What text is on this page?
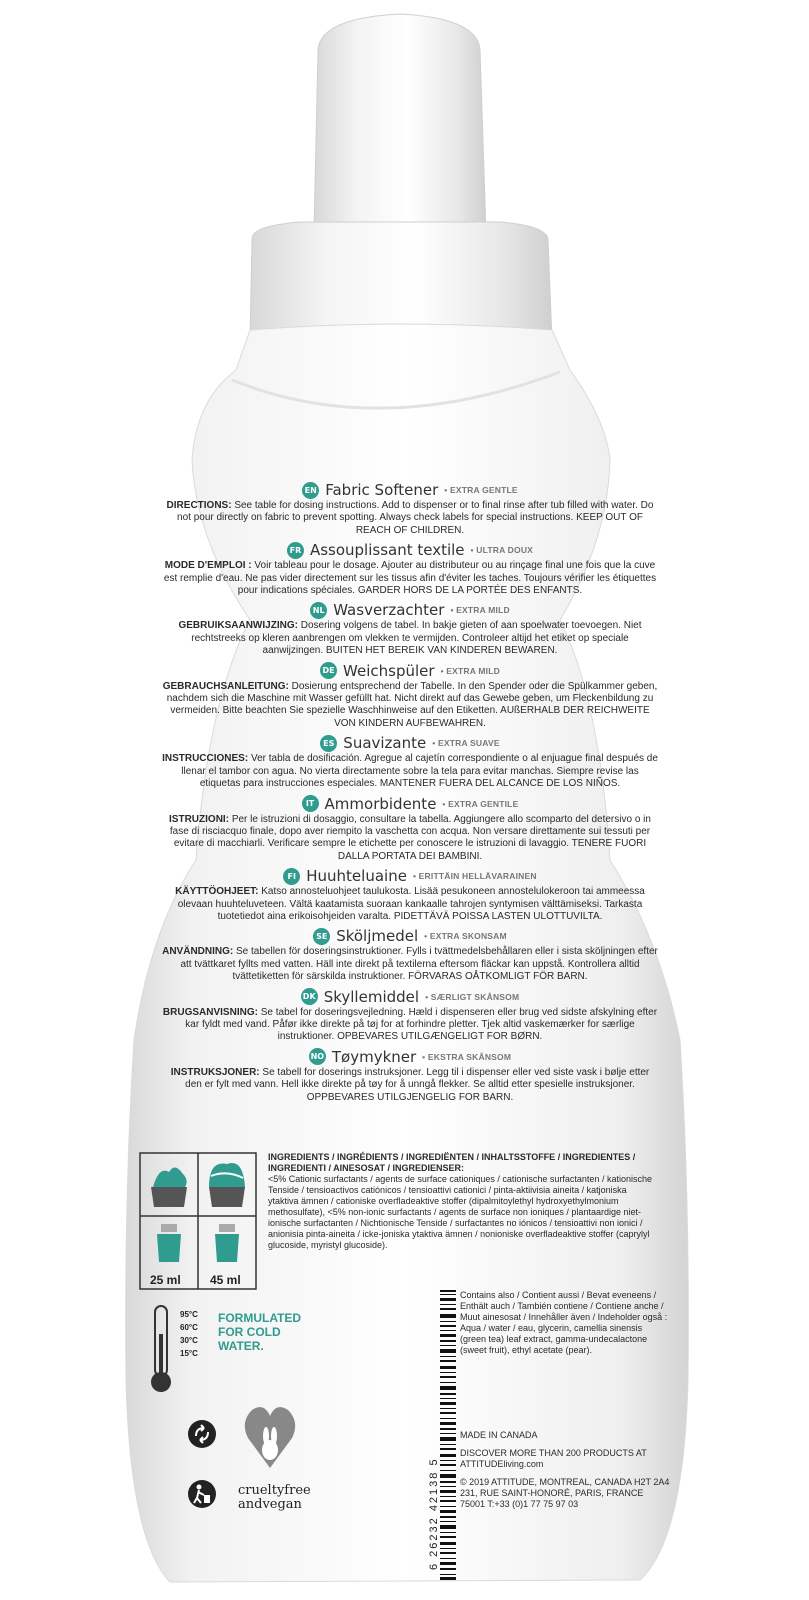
EN Fabric Softener • EXTRA GENTLE
DIRECTIONS: See table for dosing instructions. Add to dispenser or to final rinse after tub filled with water. Do not pour directly on fabric to prevent spotting. Always check labels for special instructions. KEEP OUT OF REACH OF CHILDREN.
FR Assouplissant textile • ULTRA DOUX
MODE D'EMPLOI : Voir tableau pour le dosage. Ajouter au distributeur ou au rinçage final une fois que la cuve est remplie d'eau. Ne pas vider directement sur les tissus afin d'éviter les taches. Toujours vérifier les étiquettes pour indications spéciales. GARDER HORS DE LA PORTÉE DES ENFANTS.
NL Wasverzachter • EXTRA MILD
GEBRUIKSAANWIJZING: Dosering volgens de tabel. In bakje gieten of aan spoelwater toevoegen. Niet rechtstreeks op kleren aanbrengen om vlekken te vermijden. Controleer altijd het etiket op speciale aanwijzingen. BUITEN HET BEREIK VAN KINDEREN BEWAREN.
DE Weichspüler • EXTRA MILD
GEBRAUCHSANLEITUNG: Dosierung entsprechend der Tabelle. In den Spender oder die Spülkammer geben, nachdem sich die Maschine mit Wasser gefüllt hat. Nicht direkt auf das Gewebe geben, um Fleckenbildung zu vermeiden. Bitte beachten Sie spezielle Waschhinweise auf den Etiketten. AUßERHALB DER REICHWEITE VON KINDERN AUFBEWAHREN.
ES Suavizante • EXTRA SUAVE
INSTRUCCIONES: Ver tabla de dosificación. Agregue al cajetín correspondiente o al enjuague final después de llenar el tambor con agua. No vierta directamente sobre la tela para evitar manchas. Siempre revise las etiquetas para instrucciones especiales. MANTENER FUERA DEL ALCANCE DE LOS NIÑOS.
IT Ammorbidente • EXTRA GENTILE
ISTRUZIONI: Per le istruzioni di dosaggio, consultare la tabella. Aggiungere allo scomparto del detersivo o in fase di risciacquo finale, dopo aver riempito la vaschetta con acqua. Non versare direttamente sui tessuti per evitare di macchiarli. Verificare sempre le etichette per conoscere le istruzioni di lavaggio. TENERE FUORI DALLA PORTATA DEI BAMBINI.
FI Huuhteluaine • ERITTÄIN HELLÄVARAINEN
KÄYTTÖOHJEET: Katso annosteluohjeet taulukosta. Lisää pesukoneen annostelulokeroon tai ammeessa olevaan huuhteluveteen. Vältä kaatamista suoraan kankaalle tahrojen syntymisen välttämiseksi. Tarkasta tuotetiedot aina erikoisohjeiden varalta. PIDETTÄVÄ POISSA LASTEN ULOTTUVILTA.
SE Sköljmedel • EXTRA SKONSAM
ANVÄNDNING: Se tabellen för doseringsinstruktioner. Fylls i tvättmedelsbehållaren eller i sista sköljningen efter att tvättkaret fyllts med vatten. Häll inte direkt på textilerna eftersom fläckar kan uppstå. Kontrollera alltid tvättetiketten för särskilda instruktioner. FÖRVARAS OÅTKOMLIGT FÖR BARN.
DK Skyllemiddel • SÆRLIGT SKÅNSOM
BRUGSANVISNING: Se tabel for doseringsvejledning. Hæld i dispenseren eller brug ved sidste afskylning efter kar fyldt med vand. Påfør ikke direkte på tøj for at forhindre pletter. Tjek altid vaskemærker for særlige instruktioner. OPBEVARES UTILGÆNGELIGT FOR BØRN.
NO Tøymykner • EKSTRA SKÅNSOM
INSTRUKSJONER: Se tabell for doserings instruksjoner. Legg til i dispenser eller ved siste vask i bølje etter den er fylt med vann. Hell ikke direkte på tøy for å unngå flekker. Se alltid etter spesielle instruksjoner. OPPBEVARES UTILGJENGELIG FOR BARN.
25 ml 45 ml
INGREDIENTS / INGRÉDIENTS / INGREDIËNTEN / INHALTSSTOFFE / INGREDIENTES / INGREDIENTI / AINESOSAT / INGREDIENSER:
<5% Cationic surfactants / agents de surface cationiques / cationische surfactanten / kationische Tenside / tensioactivos catiónicos / tensioattivi cationici / pinta-aktiivisia aineita / katjoniska ytaktiva ämnen / cationiske overfladeaktive stoffer (dipalmitoylethyl hydroxyethylmonium methosulfate), <5% non-ionic surfactants / agents de surface non ioniques / plantaardige niet-ionische surfactanten / Nichtionische Tenside / surfactantes no iónicos / tensioattivi non ionici / anionisia pinta-aineita / icke-joniska ytaktiva ämnen / nonioniske overfladeaktive stoffer (caprylyl glucoside, myristyl glucoside).
Contains also / Contient aussi / Bevat eveneens / Enthält auch / También contiene / Contiene anche / Muut ainesosat / Innehåller även / Indeholder også : Aqua / water / eau, glycerin, camellia sinensis (green tea) leaf extract, gamma-undecalactone (sweet fruit), ethyl acetate (pear).
6 26232 42138 5

MADE IN CANADA

DISCOVER MORE THAN 200 PRODUCTS AT ATTITUDEliving.com

© 2019 ATTITUDE, MONTREAL, CANADA H2T 2A4 231, RUE SAINT-HONORÉ, PARIS, FRANCE 75001 T:+33 (0)1 77 75 97 03

95°C
60°C
30°C
15°C
FORMULATED FOR COLD WATER.
crueltyfree
andvegan
